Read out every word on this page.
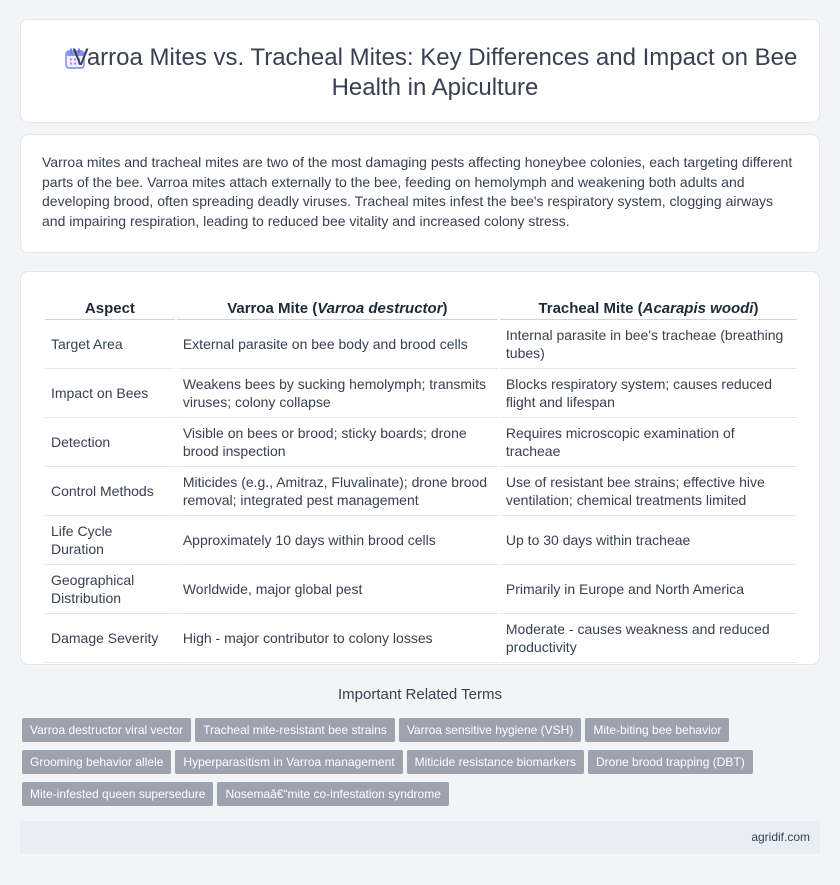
Varroa Mites vs. Tracheal Mites: Key Differences and Impact on Bee Health in Apiculture

Varroa mites and tracheal mites are two of the most damaging pests affecting honeybee colonies, each targeting different parts of the bee. Varroa mites attach externally to the bee, feeding on hemolymph and weakening both adults and developing brood, often spreading deadly viruses. Tracheal mites infest the bee's respiratory system, clogging airways and impairing respiration, leading to reduced bee vitality and increased colony stress.

Aspect	Varroa Mite (Varroa destructor)	Tracheal Mite (Acarapis woodi)
Target Area	External parasite on bee body and brood cells	Internal parasite in bee's tracheae (breathing tubes)
Impact on Bees	Weakens bees by sucking hemolymph; transmits viruses; colony collapse	Blocks respiratory system; causes reduced flight and lifespan
Detection	Visible on bees or brood; sticky boards; drone brood inspection	Requires microscopic examination of tracheae
Control Methods	Miticides (e.g., Amitraz, Fluvalinate); drone brood removal; integrated pest management	Use of resistant bee strains; effective hive ventilation; chemical treatments limited
Life Cycle Duration	Approximately 10 days within brood cells	Up to 30 days within tracheae
Geographical Distribution	Worldwide, major global pest	Primarily in Europe and North America
Damage Severity	High - major contributor to colony losses	Moderate - causes weakness and reduced productivity
Important Related Terms
Varroa destructor viral vector Tracheal mite-resistant bee strains Varroa sensitive hygiene (VSH) Mite-biting bee behavior
Grooming behavior allele Hyperparasitism in Varroa management Miticide resistance biomarkers Drone brood trapping (DBT)
Mite-infested queen supersedure Nosemaâ€“mite co-infestation syndrome
agridif.com
